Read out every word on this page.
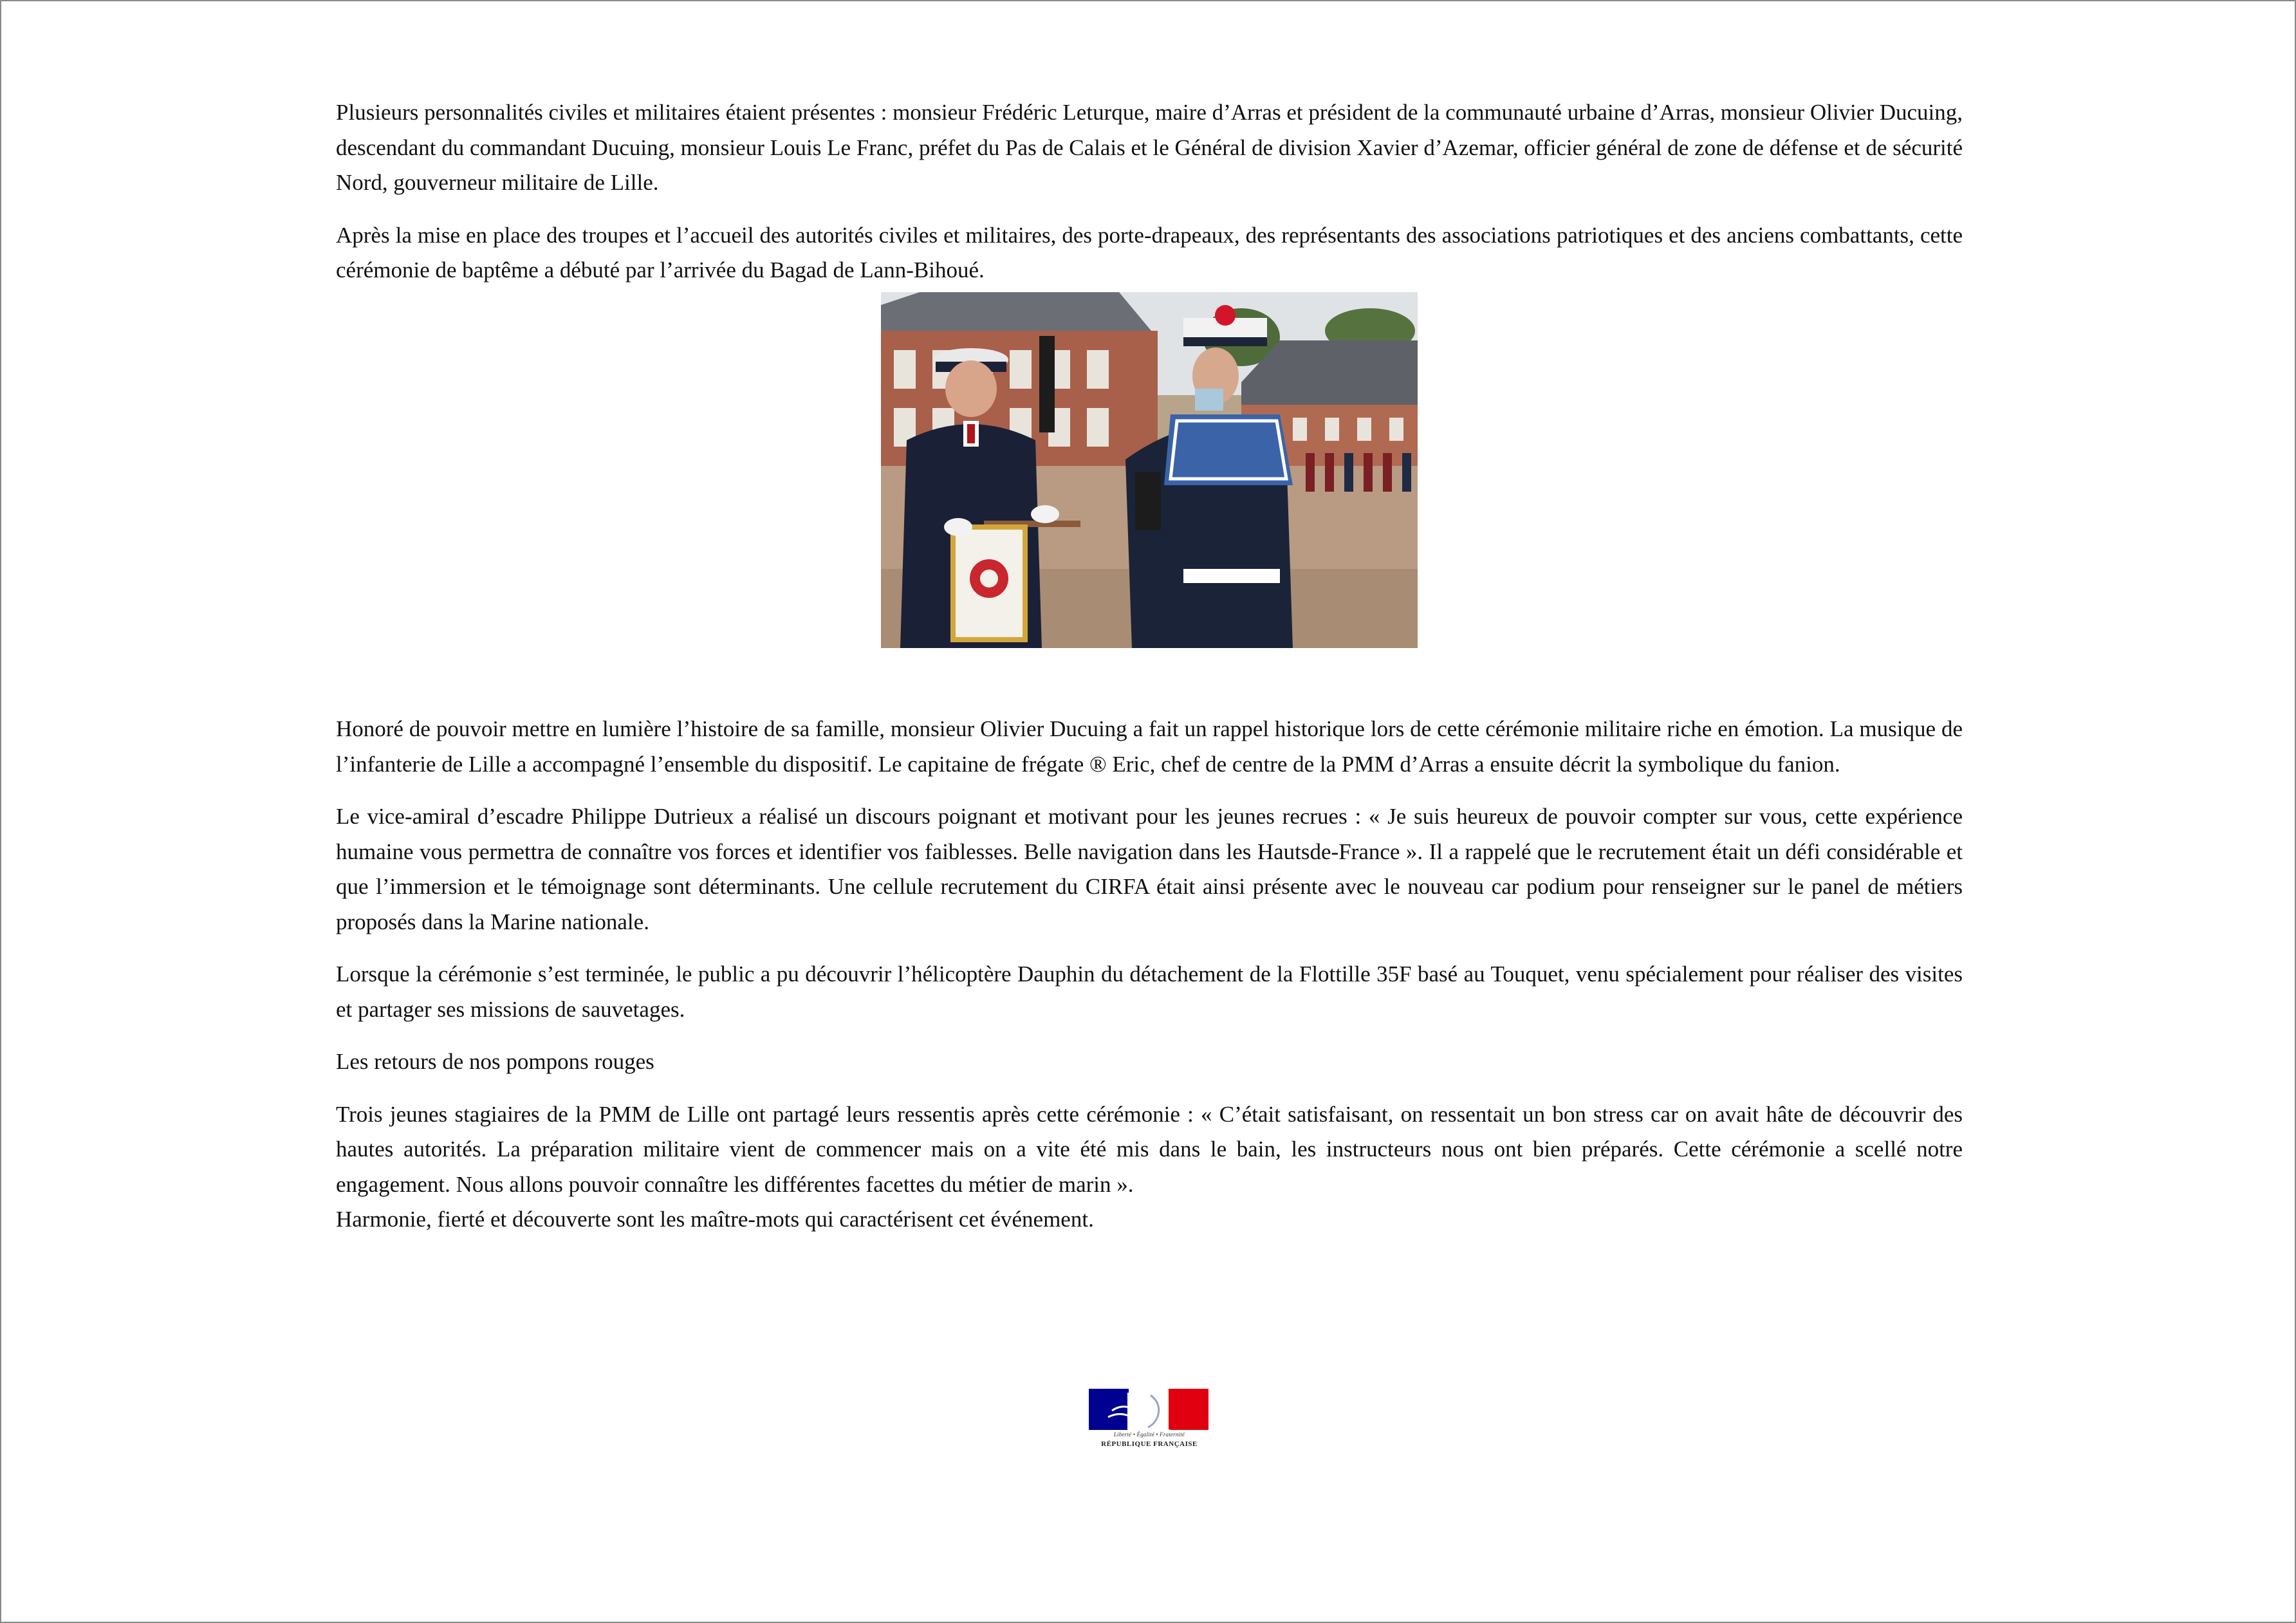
Plusieurs personnalités civiles et militaires étaient présentes : monsieur Frédéric Leturque, maire d’Arras et président de la communauté urbaine d’Arras, monsieur Olivier Ducuing, descendant du commandant Ducuing, monsieur Louis Le Franc, préfet du Pas de Calais et le Général de division Xavier d’Azemar, officier général de zone de défense et de sécurité Nord, gouverneur militaire de Lille.

Après la mise en place des troupes et l’accueil des autorités civiles et militaires, des porte-drapeaux, des représentants des associations patriotiques et des anciens combattants, cette cérémonie de baptême a débuté par l’arrivée du Bagad de Lann-Bihoué.

Honoré de pouvoir mettre en lumière l’histoire de sa famille, monsieur Olivier Ducuing a fait un rappel historique lors de cette cérémonie militaire riche en émotion. La musique de l’infanterie de Lille a accompagné l’ensemble du dispositif. Le capitaine de frégate ® Eric, chef de centre de la PMM d’Arras a ensuite décrit la symbolique du fanion.

Le vice-amiral d’escadre Philippe Dutrieux a réalisé un discours poignant et motivant pour les jeunes recrues : « Je suis heureux de pouvoir compter sur vous, cette expérience humaine vous permettra de connaître vos forces et identifier vos faiblesses. Belle navigation dans les Hautsde-France ». Il a rappelé que le recrutement était un défi considérable et que l’immersion et le témoignage sont déterminants. Une cellule recrutement du CIRFA était ainsi présente avec le nouveau car podium pour renseigner sur le panel de métiers proposés dans la Marine nationale.

Lorsque la cérémonie s’est terminée, le public a pu découvrir l’hélicoptère Dauphin du détachement de la Flottille 35F basé au Touquet, venu spécialement pour réaliser des visites et partager ses missions de sauvetages.

Les retours de nos pompons rouges

Trois jeunes stagiaires de la PMM de Lille ont partagé leurs ressentis après cette cérémonie : « C’était satisfaisant, on ressentait un bon stress car on avait hâte de découvrir des hautes autorités. La préparation militaire vient de commencer mais on a vite été mis dans le bain, les instructeurs nous ont bien préparés. Cette cérémonie a scellé notre engagement. Nous allons pouvoir connaître les différentes facettes du métier de marin ».

Harmonie, fierté et découverte sont les maître-mots qui caractérisent cet événement.

Liberté • Égalité • Fraternité
RÉPUBLIQUE FRANÇAISE
